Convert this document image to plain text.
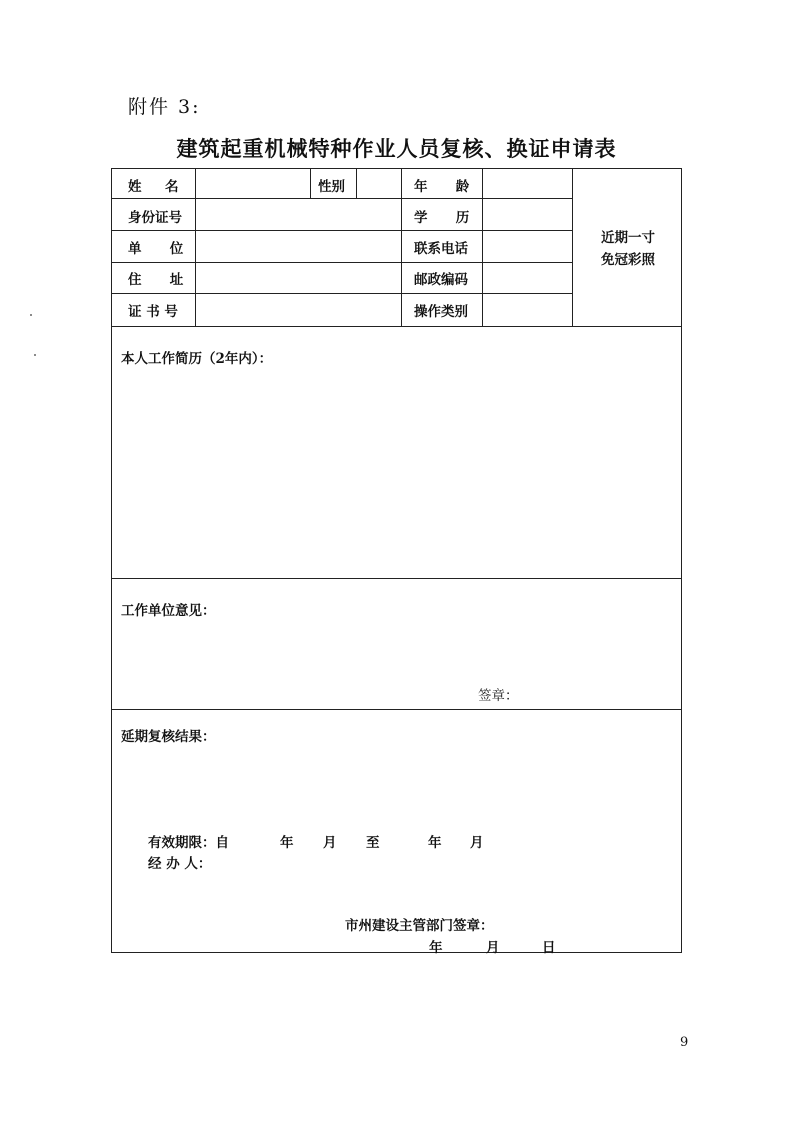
附件 3:
建筑起重机械特种作业人员复核、换证申请表
姓     名	性别	年      龄
身份证号	学      历
单      位	联系电话
住      址	邮政编码
证 书 号	操作类别
近期一寸
免冠彩照
本人工作简历（2年内）：
工作单位意见：
签章：
延期复核结果：
有效期限：自	年 月 至	年 月
经 办 人：
市州建设主管部门签章：
年	月	日
9
